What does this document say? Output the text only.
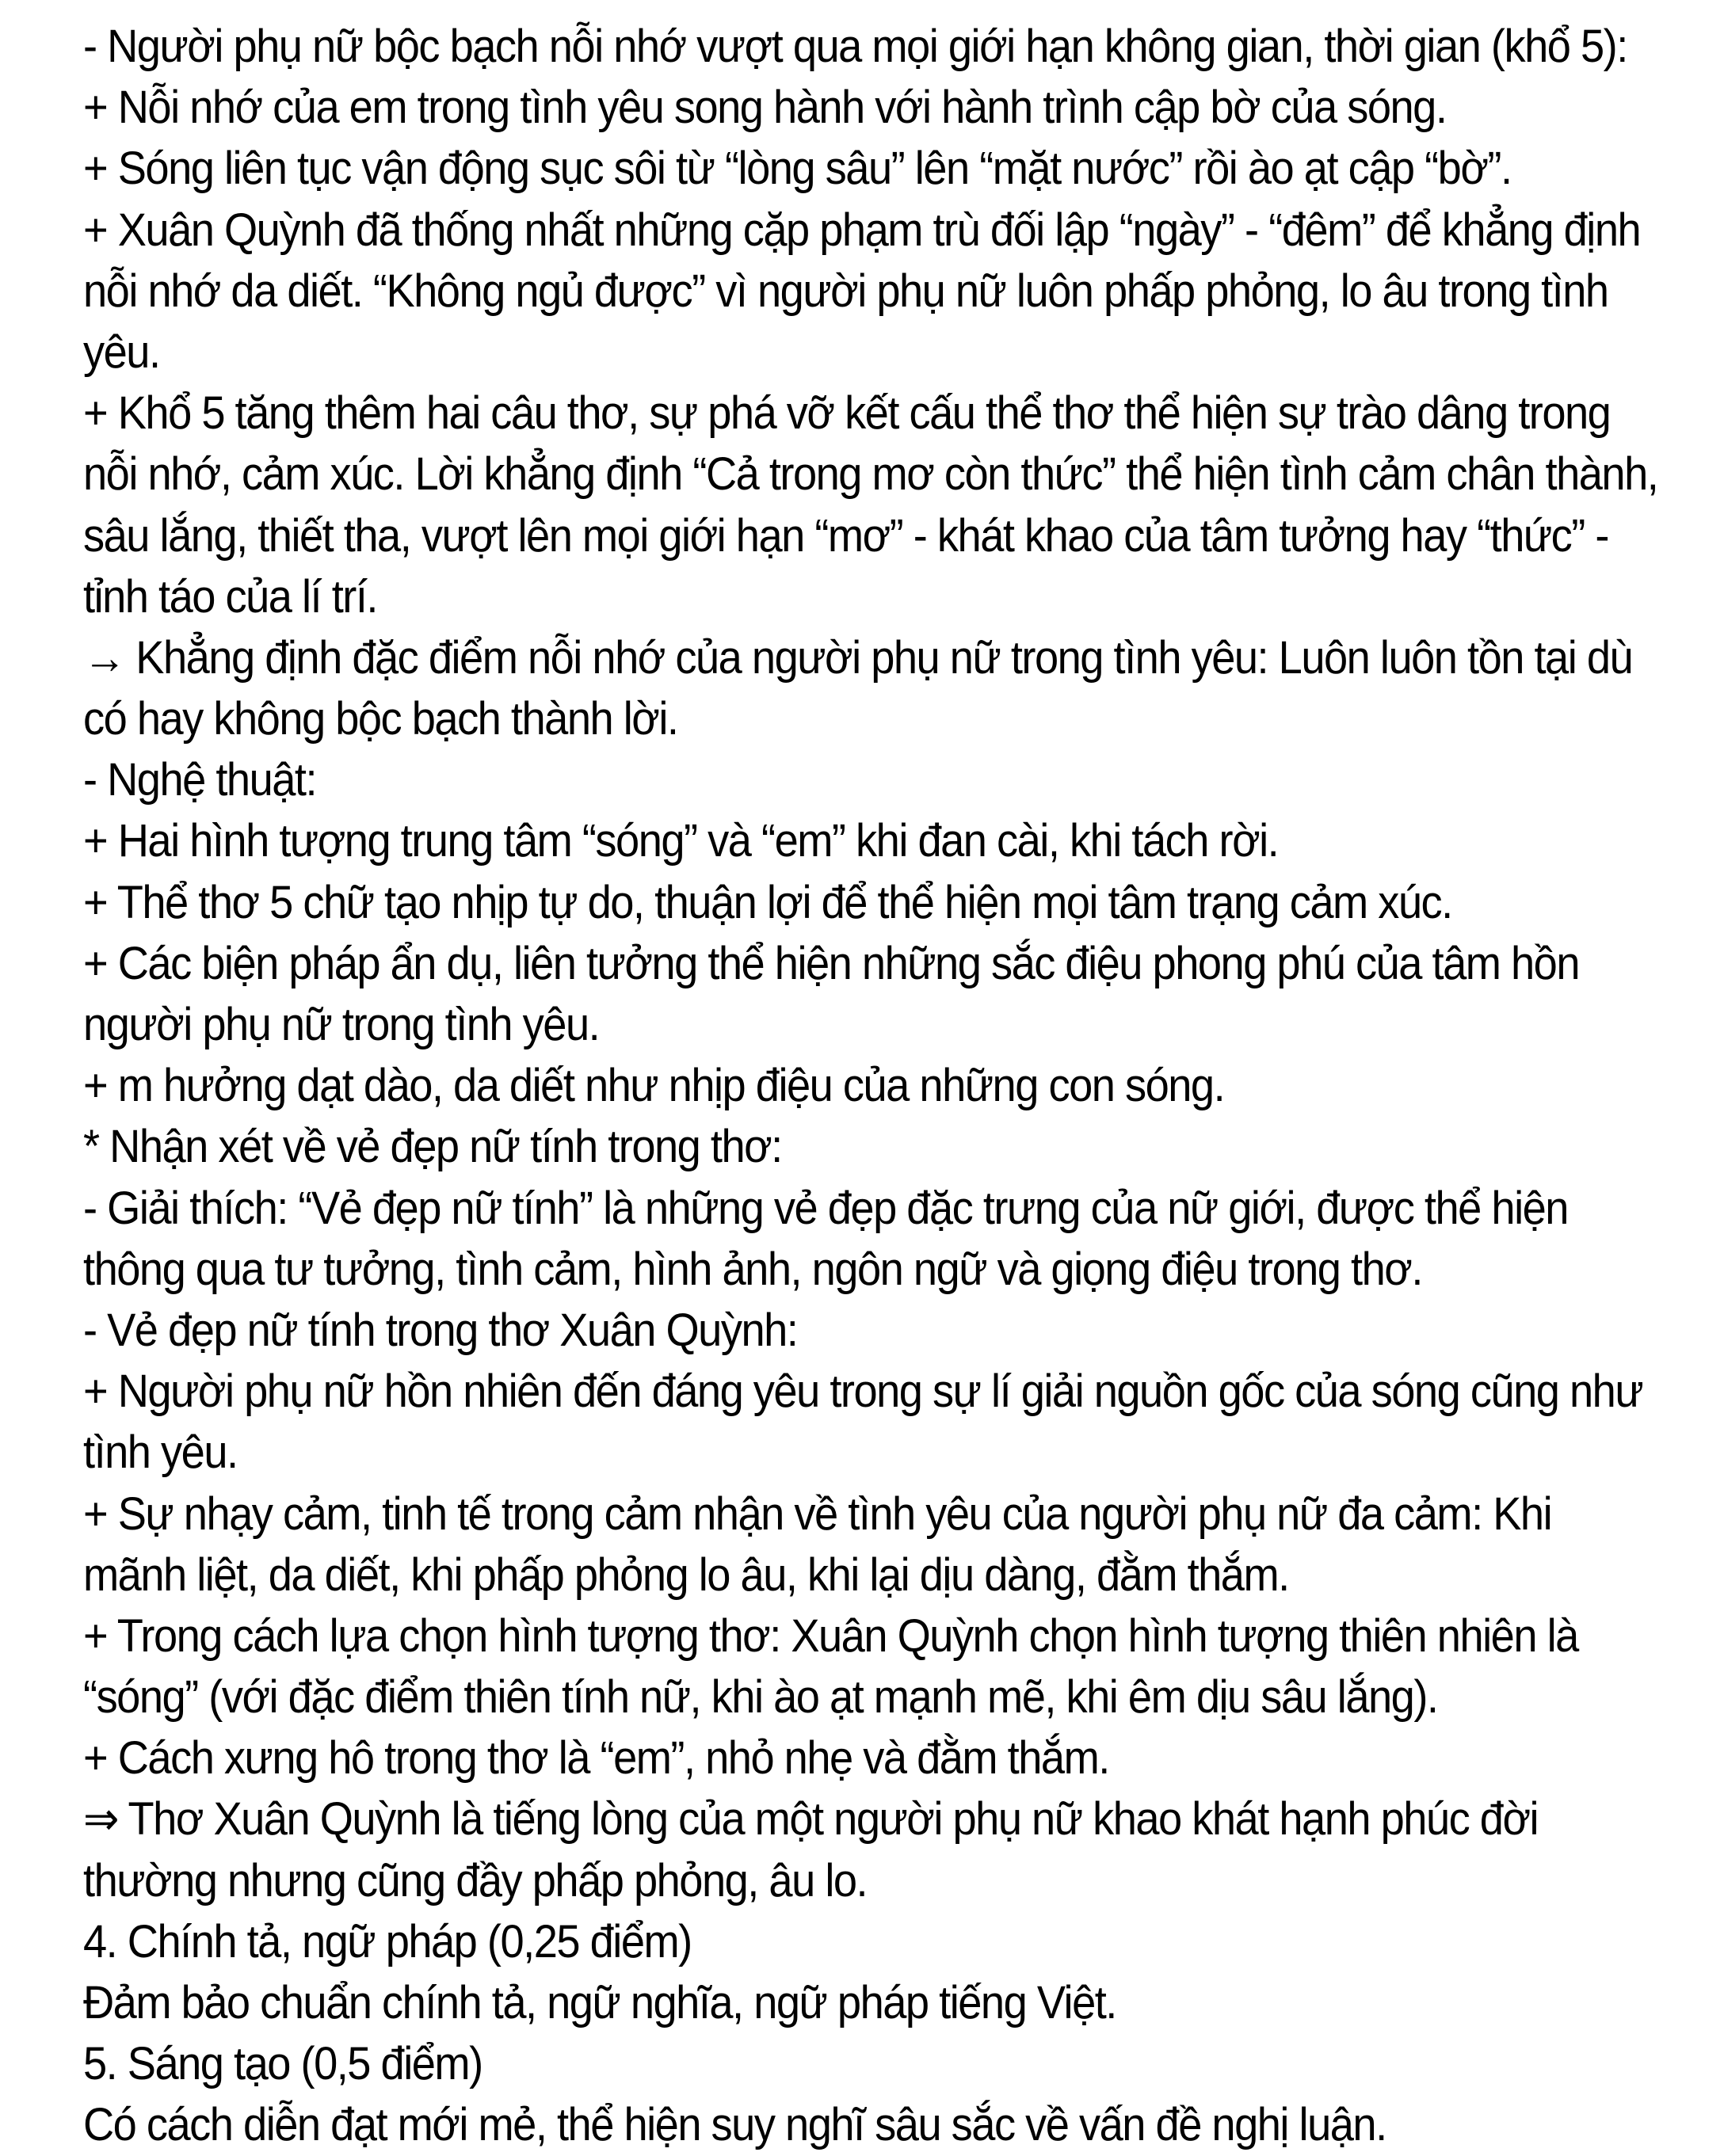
- Người phụ nữ bộc bạch nỗi nhớ vượt qua mọi giới hạn không gian, thời gian (khổ 5):
+ Nỗi nhớ của em trong tình yêu song hành với hành trình cập bờ của sóng.
+ Sóng liên tục vận động sục sôi từ “lòng sâu” lên “mặt nước” rồi ào ạt cập “bờ”.
+ Xuân Quỳnh đã thống nhất những cặp phạm trù đối lập “ngày” - “đêm” để khẳng định
nỗi nhớ da diết. “Không ngủ được” vì người phụ nữ luôn phấp phỏng, lo âu trong tình
yêu.
+ Khổ 5 tăng thêm hai câu thơ, sự phá vỡ kết cấu thể thơ thể hiện sự trào dâng trong
nỗi nhớ, cảm xúc. Lời khẳng định “Cả trong mơ còn thức” thể hiện tình cảm chân thành,
sâu lắng, thiết tha, vượt lên mọi giới hạn “mơ” - khát khao của tâm tưởng hay “thức” -
tỉnh táo của lí trí.
→ Khẳng định đặc điểm nỗi nhớ của người phụ nữ trong tình yêu: Luôn luôn tồn tại dù
có hay không bộc bạch thành lời.
- Nghệ thuật:
+ Hai hình tượng trung tâm “sóng” và “em” khi đan cài, khi tách rời.
+ Thể thơ 5 chữ tạo nhịp tự do, thuận lợi để thể hiện mọi tâm trạng cảm xúc.
+ Các biện pháp ẩn dụ, liên tưởng thể hiện những sắc điệu phong phú của tâm hồn
người phụ nữ trong tình yêu.
+ m hưởng dạt dào, da diết như nhịp điệu của những con sóng.
* Nhận xét về vẻ đẹp nữ tính trong thơ:
- Giải thích: “Vẻ đẹp nữ tính” là những vẻ đẹp đặc trưng của nữ giới, được thể hiện
thông qua tư tưởng, tình cảm, hình ảnh, ngôn ngữ và giọng điệu trong thơ.
- Vẻ đẹp nữ tính trong thơ Xuân Quỳnh:
+ Người phụ nữ hồn nhiên đến đáng yêu trong sự lí giải nguồn gốc của sóng cũng như
tình yêu.
+ Sự nhạy cảm, tinh tế trong cảm nhận về tình yêu của người phụ nữ đa cảm: Khi
mãnh liệt, da diết, khi phấp phỏng lo âu, khi lại dịu dàng, đằm thắm.
+ Trong cách lựa chọn hình tượng thơ: Xuân Quỳnh chọn hình tượng thiên nhiên là
“sóng” (với đặc điểm thiên tính nữ, khi ào ạt mạnh mẽ, khi êm dịu sâu lắng).
+ Cách xưng hô trong thơ là “em”, nhỏ nhẹ và đằm thắm.
⇒ Thơ Xuân Quỳnh là tiếng lòng của một người phụ nữ khao khát hạnh phúc đời
thường nhưng cũng đầy phấp phỏng, âu lo.
4. Chính tả, ngữ pháp (0,25 điểm)
Đảm bảo chuẩn chính tả, ngữ nghĩa, ngữ pháp tiếng Việt.
5. Sáng tạo (0,5 điểm)
Có cách diễn đạt mới mẻ, thể hiện suy nghĩ sâu sắc về vấn đề nghị luận.
